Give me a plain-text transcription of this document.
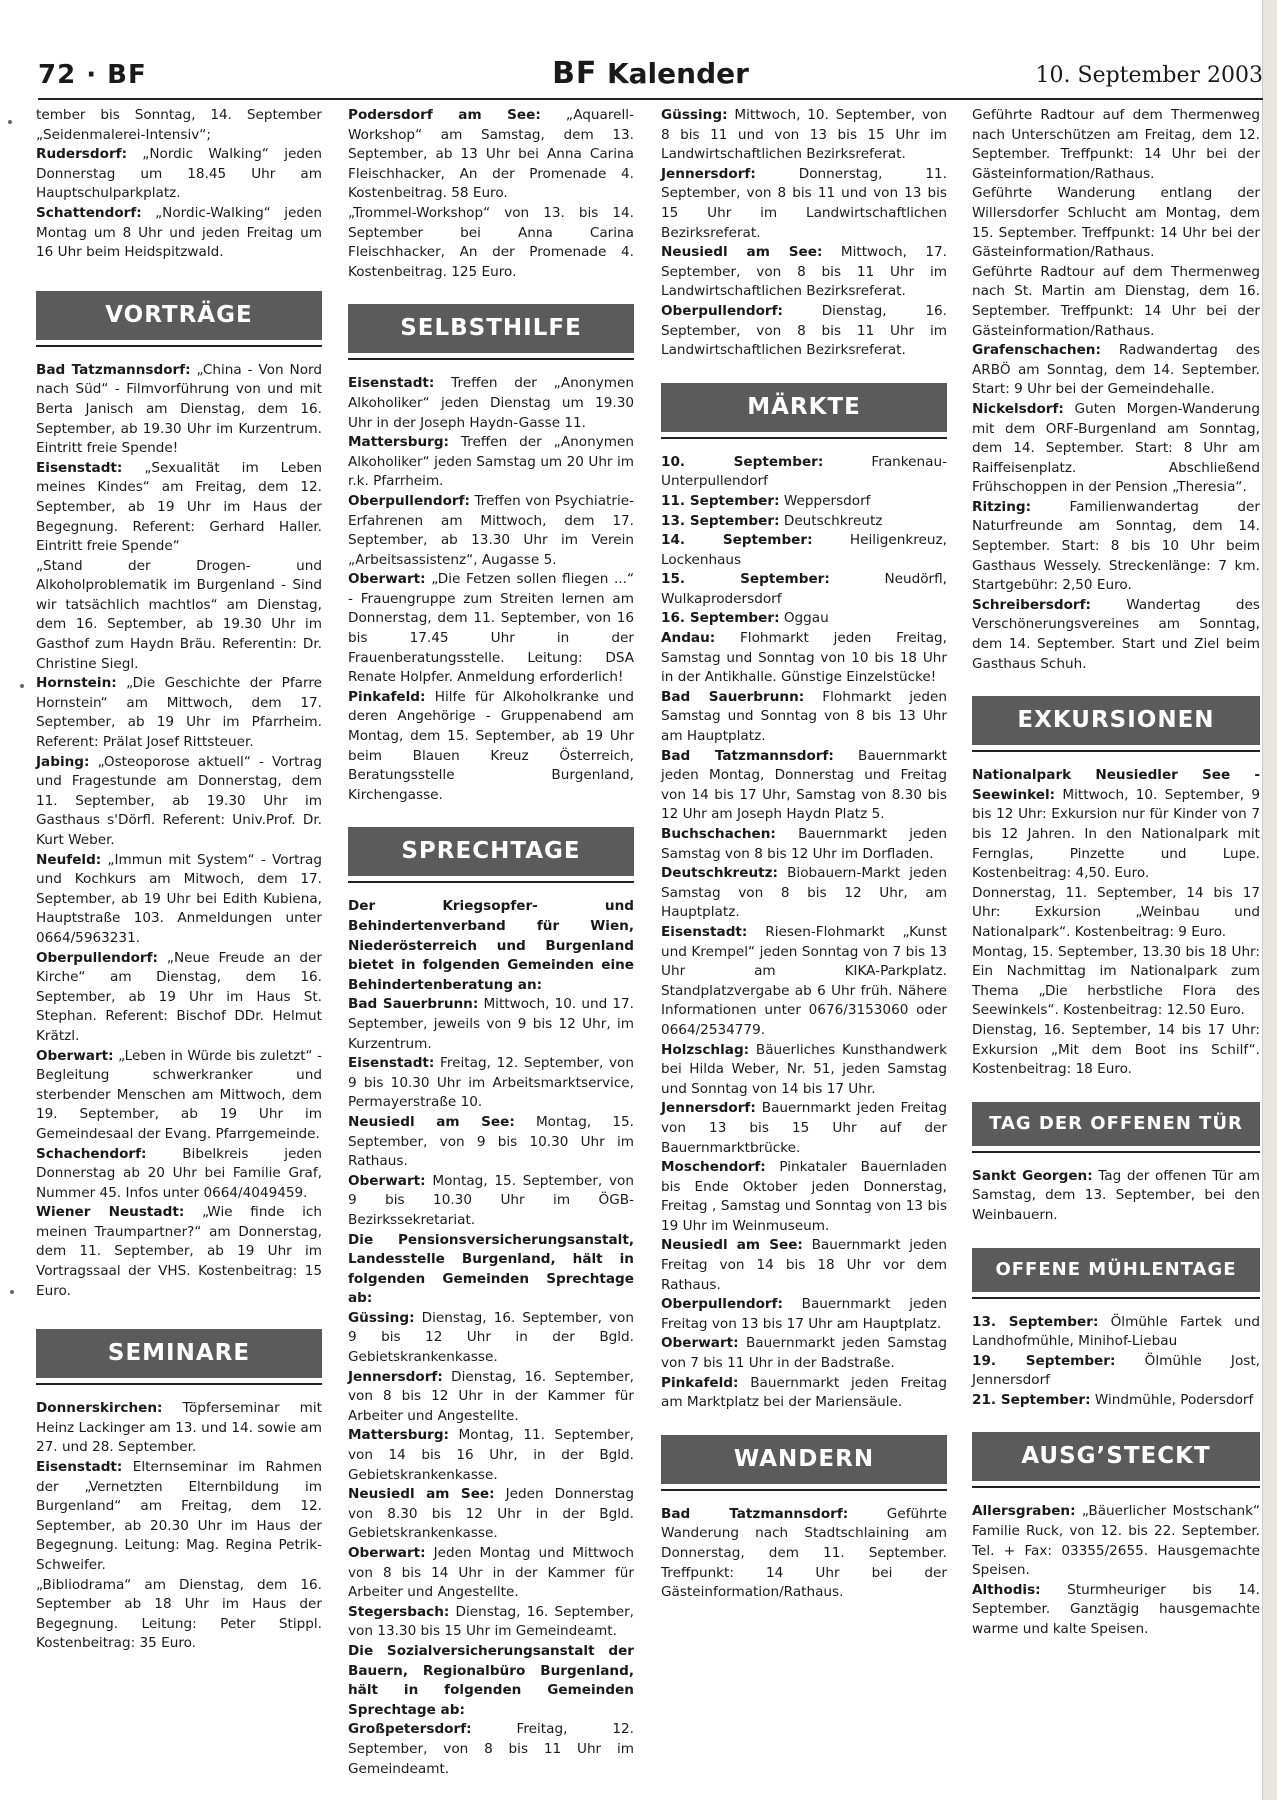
72 · BF	BF Kalender	10. September 2003

tember bis Sonntag, 14. September „Seidenmalerei-Intensiv“;

Rudersdorf: „Nordic Walking“ jeden Donnerstag um 18.45 Uhr am Hauptschulparkplatz.

Schattendorf: „Nordic-Walking“ jeden Montag um 8 Uhr und jeden Freitag um 16 Uhr beim Heidspitzwald.

VORTRÄGE

Bad Tatzmannsdorf: „China - Von Nord nach Süd“ - Filmvorführung von und mit Berta Janisch am Dienstag, dem 16. September, ab 19.30 Uhr im Kurzentrum. Eintritt freie Spende!

Eisenstadt: „Sexualität im Leben meines Kindes“ am Freitag, dem 12. September, ab 19 Uhr im Haus der Begegnung. Referent: Gerhard Haller. Eintritt freie Spende“

„Stand der Drogen- und Alkoholproblematik im Burgenland - Sind wir tatsächlich machtlos“ am Dienstag, dem 16. September, ab 19.30 Uhr im Gasthof zum Haydn Bräu. Referentin: Dr. Christine Siegl.

Hornstein: „Die Geschichte der Pfarre Hornstein“ am Mittwoch, dem 17. September, ab 19 Uhr im Pfarrheim. Referent: Prälat Josef Rittsteuer.

Jabing: „Osteoporose aktuell“ - Vortrag und Fragestunde am Donnerstag, dem 11. September, ab 19.30 Uhr im Gasthaus s'Dörfl. Referent: Univ.Prof. Dr. Kurt Weber.

Neufeld: „Immun mit System“ - Vortrag und Kochkurs am Mitwoch, dem 17. September, ab 19 Uhr bei Edith Kubiena, Hauptstraße 103. Anmeldungen unter 0664/5963231.

Oberpullendorf: „Neue Freude an der Kirche“ am Dienstag, dem 16. September, ab 19 Uhr im Haus St. Stephan. Referent: Bischof DDr. Helmut Krätzl.

Oberwart: „Leben in Würde bis zuletzt“ - Begleitung schwerkranker und sterbender Menschen am Mittwoch, dem 19. September, ab 19 Uhr im Gemeindesaal der Evang. Pfarrgemeinde.

Schachendorf: Bibelkreis jeden Donnerstag ab 20 Uhr bei Familie Graf, Nummer 45. Infos unter 0664/4049459.

Wiener Neustadt: „Wie finde ich meinen Traumpartner?“ am Donnerstag, dem 11. September, ab 19 Uhr im Vortragssaal der VHS. Kostenbeitrag: 15 Euro.

SEMINARE

Donnerskirchen: Töpferseminar mit Heinz Lackinger am 13. und 14. sowie am 27. und 28. September.

Eisenstadt: Elternseminar im Rahmen der „Vernetzten Elternbildung im Burgenland“ am Freitag, dem 12. September, ab 20.30 Uhr im Haus der Begegnung. Leitung: Mag. Regina Petrik-Schweifer.

„Bibliodrama“ am Dienstag, dem 16. September ab 18 Uhr im Haus der Begegnung. Leitung: Peter Stippl. Kostenbeitrag: 35 Euro.

Podersdorf am See: „Aquarell-Workshop“ am Samstag, dem 13. September, ab 13 Uhr bei Anna Carina Fleischhacker, An der Promenade 4. Kostenbeitrag. 58 Euro.

„Trommel-Workshop“ von 13. bis 14. September bei Anna Carina Fleischhacker, An der Promenade 4. Kostenbeitrag. 125 Euro.

SELBSTHILFE

Eisenstadt: Treffen der „Anonymen Alkoholiker“ jeden Dienstag um 19.30 Uhr in der Joseph Haydn-Gasse 11.

Mattersburg: Treffen der „Anonymen Alkoholiker“ jeden Samstag um 20 Uhr im r.k. Pfarrheim.

Oberpullendorf: Treffen von Psychiatrie-Erfahrenen am Mittwoch, dem 17. September, ab 13.30 Uhr im Verein „Arbeitsassistenz“, Augasse 5.

Oberwart: „Die Fetzen sollen fliegen ...“ - Frauengruppe zum Streiten lernen am Donnerstag, dem 11. September, von 16 bis 17.45 Uhr in der Frauenberatungsstelle. Leitung: DSA Renate Holpfer. Anmeldung erforderlich!

Pinkafeld: Hilfe für Alkoholkranke und deren Angehörige - Gruppenabend am Montag, dem 15. September, ab 19 Uhr beim Blauen Kreuz Österreich, Beratungsstelle Burgenland, Kirchengasse.

SPRECHTAGE

Der Kriegsopfer- und Behindertenverband für Wien, Niederösterreich und Burgenland bietet in folgenden Gemeinden eine Behindertenberatung an:

Bad Sauerbrunn: Mittwoch, 10. und 17. September, jeweils von 9 bis 12 Uhr, im Kurzentrum.

Eisenstadt: Freitag, 12. September, von 9 bis 10.30 Uhr im Arbeitsmarktservice, Permayerstraße 10.

Neusiedl am See: Montag, 15. September, von 9 bis 10.30 Uhr im Rathaus.

Oberwart: Montag, 15. September, von 9 bis 10.30 Uhr im ÖGB-Bezirkssekretariat.

Die Pensionsversicherungsanstalt, Landesstelle Burgenland, hält in folgenden Gemeinden Sprechtage ab:

Güssing: Dienstag, 16. September, von 9 bis 12 Uhr in der Bgld. Gebietskrankenkasse.

Jennersdorf: Dienstag, 16. September, von 8 bis 12 Uhr in der Kammer für Arbeiter und Angestellte.

Mattersburg: Montag, 11. September, von 14 bis 16 Uhr, in der Bgld. Gebietskrankenkasse.

Neusiedl am See: Jeden Donnerstag von 8.30 bis 12 Uhr in der Bgld. Gebietskrankenkasse.

Oberwart: Jeden Montag und Mittwoch von 8 bis 14 Uhr in der Kammer für Arbeiter und Angestellte.

Stegersbach: Dienstag, 16. September, von 13.30 bis 15 Uhr im Gemeindeamt.

Die Sozialversicherungsanstalt der Bauern, Regionalbüro Burgenland, hält in folgenden Gemeinden Sprechtage ab:

Großpetersdorf: Freitag, 12. September, von 8 bis 11 Uhr im Gemeindeamt.

Güssing: Mittwoch, 10. September, von 8 bis 11 und von 13 bis 15 Uhr im Landwirtschaftlichen Bezirksreferat.

Jennersdorf: Donnerstag, 11. September, von 8 bis 11 und von 13 bis 15 Uhr im Landwirtschaftlichen Bezirksreferat.

Neusiedl am See: Mittwoch, 17. September, von 8 bis 11 Uhr im Landwirtschaftlichen Bezirksreferat.

Oberpullendorf: Dienstag, 16. September, von 8 bis 11 Uhr im Landwirtschaftlichen Bezirksreferat.

MÄRKTE

10. September: Frankenau-Unterpullendorf

11. September: Weppersdorf

13. September: Deutschkreutz

14. September: Heiligenkreuz, Lockenhaus

15. September: Neudörfl, Wulkaprodersdorf

16. September: Oggau

Andau: Flohmarkt jeden Freitag, Samstag und Sonntag von 10 bis 18 Uhr in der Antikhalle. Günstige Einzelstücke!

Bad Sauerbrunn: Flohmarkt jeden Samstag und Sonntag von 8 bis 13 Uhr am Hauptplatz.

Bad Tatzmannsdorf: Bauernmarkt jeden Montag, Donnerstag und Freitag von 14 bis 17 Uhr, Samstag von 8.30 bis 12 Uhr am Joseph Haydn Platz 5.

Buchschachen: Bauernmarkt jeden Samstag von 8 bis 12 Uhr im Dorfladen.

Deutschkreutz: Biobauern-Markt jeden Samstag von 8 bis 12 Uhr, am Hauptplatz.

Eisenstadt: Riesen-Flohmarkt „Kunst und Krempel“ jeden Sonntag von 7 bis 13 Uhr am KIKA-Parkplatz. Standplatzvergabe ab 6 Uhr früh. Nähere Informationen unter 0676/3153060 oder 0664/2534779.

Holzschlag: Bäuerliches Kunsthandwerk bei Hilda Weber, Nr. 51, jeden Samstag und Sonntag von 14 bis 17 Uhr.

Jennersdorf: Bauernmarkt jeden Freitag von 13 bis 15 Uhr auf der Bauernmarktbrücke.

Moschendorf: Pinkataler Bauernladen bis Ende Oktober jeden Donnerstag, Freitag , Samstag und Sonntag von 13 bis 19 Uhr im Weinmuseum.

Neusiedl am See: Bauernmarkt jeden Freitag von 14 bis 18 Uhr vor dem Rathaus.

Oberpullendorf: Bauernmarkt jeden Freitag von 13 bis 17 Uhr am Hauptplatz.

Oberwart: Bauernmarkt jeden Samstag von 7 bis 11 Uhr in der Badstraße.

Pinkafeld: Bauernmarkt jeden Freitag am Marktplatz bei der Mariensäule.

WANDERN

Bad Tatzmannsdorf: Geführte Wanderung nach Stadtschlaining am Donnerstag, dem 11. September. Treffpunkt: 14 Uhr bei der Gästeinformation/Rathaus.

Geführte Radtour auf dem Thermenweg nach Unterschützen am Freitag, dem 12. September. Treffpunkt: 14 Uhr bei der Gästeinformation/Rathaus.

Geführte Wanderung entlang der Willersdorfer Schlucht am Montag, dem 15. September. Treffpunkt: 14 Uhr bei der Gästeinformation/Rathaus.

Geführte Radtour auf dem Thermenweg nach St. Martin am Dienstag, dem 16. September. Treffpunkt: 14 Uhr bei der Gästeinformation/Rathaus.

Grafenschachen: Radwandertag des ARBÖ am Sonntag, dem 14. September. Start: 9 Uhr bei der Gemeindehalle.

Nickelsdorf: Guten Morgen-Wanderung mit dem ORF-Burgenland am Sonntag, dem 14. September. Start: 8 Uhr am Raiffeisenplatz. Abschließend Frühschoppen in der Pension „Theresia“.

Ritzing: Familienwandertag der Naturfreunde am Sonntag, dem 14. September. Start: 8 bis 10 Uhr beim Gasthaus Wessely. Streckenlänge: 7 km. Startgebühr: 2,50 Euro.

Schreibersdorf: Wandertag des Verschönerungsvereines am Sonntag, dem 14. September. Start und Ziel beim Gasthaus Schuh.

EXKURSIONEN

Nationalpark Neusiedler See - Seewinkel: Mittwoch, 10. September, 9 bis 12 Uhr: Exkursion nur für Kinder von 7 bis 12 Jahren. In den Nationalpark mit Fernglas, Pinzette und Lupe. Kostenbeitrag: 4,50. Euro.

Donnerstag, 11. September, 14 bis 17 Uhr: Exkursion „Weinbau und Nationalpark“. Kostenbeitrag: 9 Euro.

Montag, 15. September, 13.30 bis 18 Uhr: Ein Nachmittag im Nationalpark zum Thema „Die herbstliche Flora des Seewinkels“. Kostenbeitrag: 12.50 Euro.

Dienstag, 16. September, 14 bis 17 Uhr: Exkursion „Mit dem Boot ins Schilf“. Kostenbeitrag: 18 Euro.

TAG DER OFFENEN TÜR

Sankt Georgen: Tag der offenen Tür am Samstag, dem 13. September, bei den Weinbauern.

OFFENE MÜHLENTAGE

13. September: Ölmühle Fartek und Landhofmühle, Minihof-Liebau

19. September: Ölmühle Jost, Jennersdorf

21. September: Windmühle, Podersdorf

AUSG’STECKT

Allersgraben: „Bäuerlicher Mostschank“ Familie Ruck, von 12. bis 22. September. Tel. + Fax: 03355/2655. Hausgemachte Speisen.

Althodis: Sturmheuriger bis 14. September. Ganztägig hausgemachte warme und kalte Speisen.
